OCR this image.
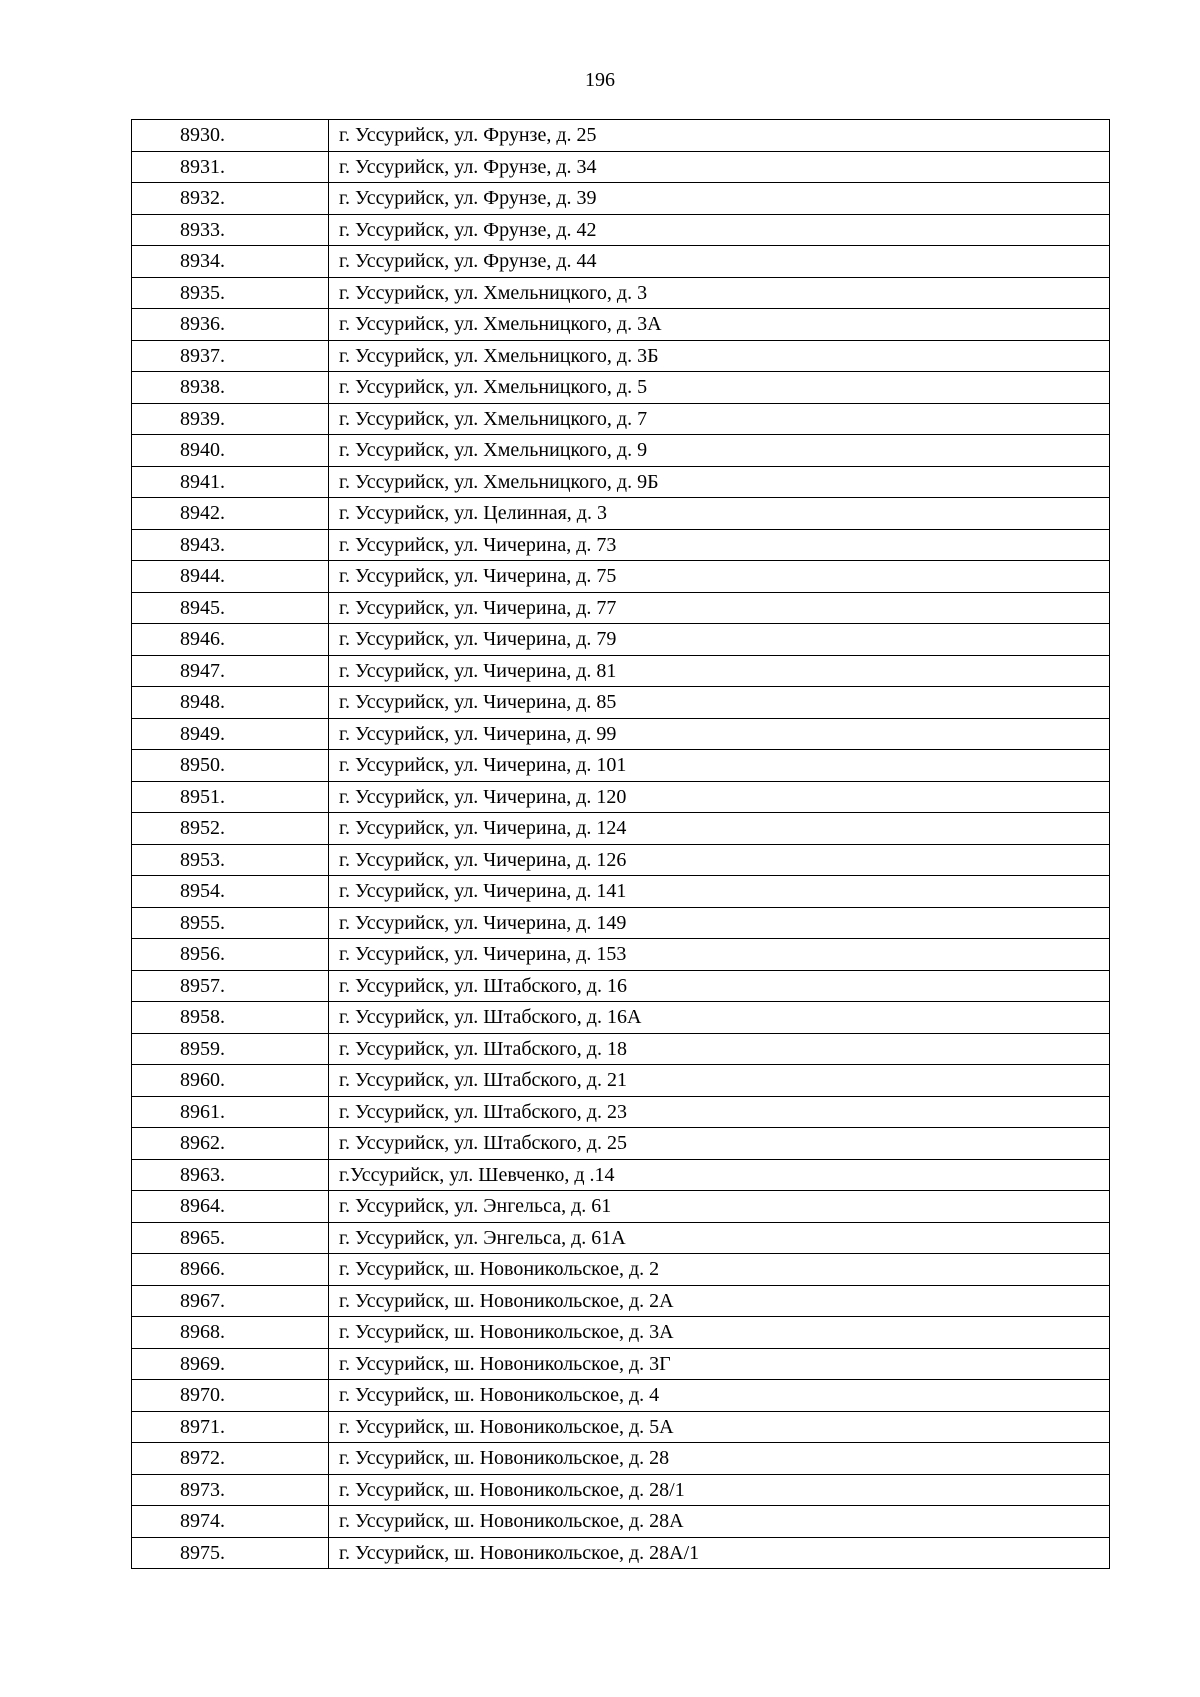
196
8930.	г. Уссурийск, ул. Фрунзе, д. 25
8931.	г. Уссурийск, ул. Фрунзе, д. 34
8932.	г. Уссурийск, ул. Фрунзе, д. 39
8933.	г. Уссурийск, ул. Фрунзе, д. 42
8934.	г. Уссурийск, ул. Фрунзе, д. 44
8935.	г. Уссурийск, ул. Хмельницкого, д. 3
8936.	г. Уссурийск, ул. Хмельницкого, д. 3А
8937.	г. Уссурийск, ул. Хмельницкого, д. 3Б
8938.	г. Уссурийск, ул. Хмельницкого, д. 5
8939.	г. Уссурийск, ул. Хмельницкого, д. 7
8940.	г. Уссурийск, ул. Хмельницкого, д. 9
8941.	г. Уссурийск, ул. Хмельницкого, д. 9Б
8942.	г. Уссурийск, ул. Целинная, д. 3
8943.	г. Уссурийск, ул. Чичерина, д. 73
8944.	г. Уссурийск, ул. Чичерина, д. 75
8945.	г. Уссурийск, ул. Чичерина, д. 77
8946.	г. Уссурийск, ул. Чичерина, д. 79
8947.	г. Уссурийск, ул. Чичерина, д. 81
8948.	г. Уссурийск, ул. Чичерина, д. 85
8949.	г. Уссурийск, ул. Чичерина, д. 99
8950.	г. Уссурийск, ул. Чичерина, д. 101
8951.	г. Уссурийск, ул. Чичерина, д. 120
8952.	г. Уссурийск, ул. Чичерина, д. 124
8953.	г. Уссурийск, ул. Чичерина, д. 126
8954.	г. Уссурийск, ул. Чичерина, д. 141
8955.	г. Уссурийск, ул. Чичерина, д. 149
8956.	г. Уссурийск, ул. Чичерина, д. 153
8957.	г. Уссурийск, ул. Штабского, д. 16
8958.	г. Уссурийск, ул. Штабского, д. 16А
8959.	г. Уссурийск, ул. Штабского, д. 18
8960.	г. Уссурийск, ул. Штабского, д. 21
8961.	г. Уссурийск, ул. Штабского, д. 23
8962.	г. Уссурийск, ул. Штабского, д. 25
8963.	г.Уссурийск, ул. Шевченко, д .14
8964.	г. Уссурийск, ул. Энгельса, д. 61
8965.	г. Уссурийск, ул. Энгельса, д. 61А
8966.	г. Уссурийск, ш. Новоникольское, д. 2
8967.	г. Уссурийск, ш. Новоникольское, д. 2А
8968.	г. Уссурийск, ш. Новоникольское, д. 3А
8969.	г. Уссурийск, ш. Новоникольское, д. 3Г
8970.	г. Уссурийск, ш. Новоникольское, д. 4
8971.	г. Уссурийск, ш. Новоникольское, д. 5А
8972.	г. Уссурийск, ш. Новоникольское, д. 28
8973.	г. Уссурийск, ш. Новоникольское, д. 28/1
8974.	г. Уссурийск, ш. Новоникольское, д. 28А
8975.	г. Уссурийск, ш. Новоникольское, д. 28А/1
